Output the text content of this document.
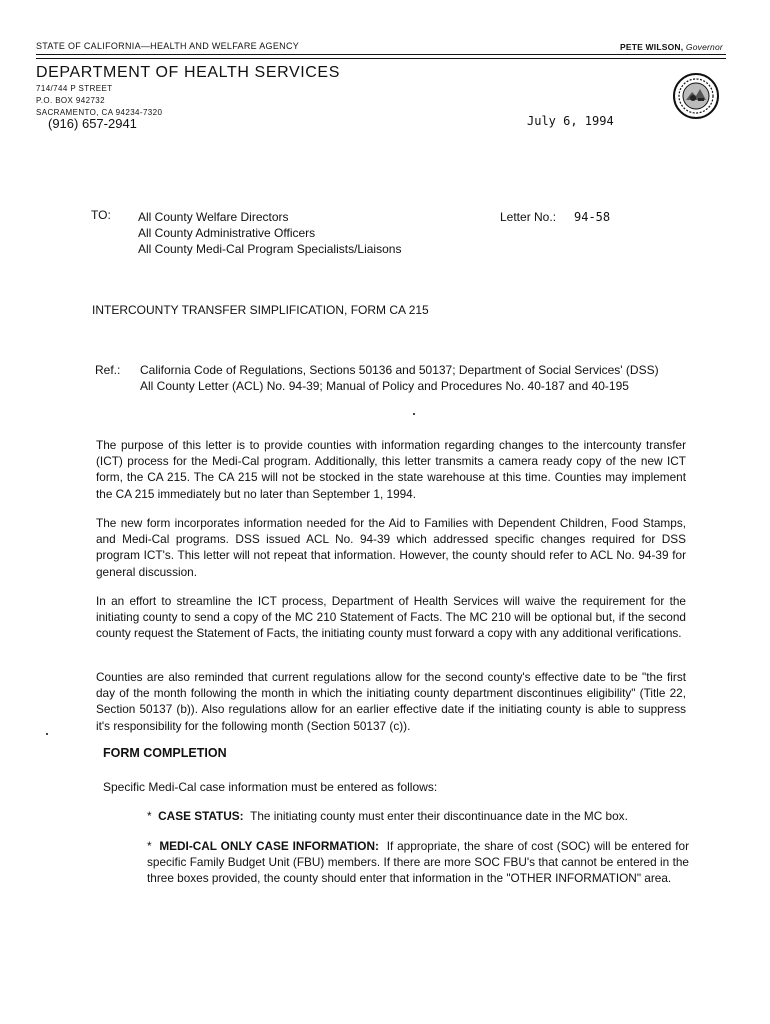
STATE OF CALIFORNIA—HEALTH AND WELFARE AGENCY	PETE WILSON, Governor
DEPARTMENT OF HEALTH SERVICES
714/744 P STREET
P.O. BOX 942732
SACRAMENTO, CA 94234-7320
(916) 657-2941	July 6, 1994
TO: All County Welfare Directors
All County Administrative Officers
All County Medi-Cal Program Specialists/Liaisons
Letter No.: 94-58
INTERCOUNTY TRANSFER SIMPLIFICATION, FORM CA 215
Ref.: California Code of Regulations, Sections 50136 and 50137; Department of Social Services' (DSS)
All County Letter (ACL) No. 94-39; Manual of Policy and Procedures No. 40-187 and 40-195

The purpose of this letter is to provide counties with information regarding changes to the intercounty transfer (ICT) process for the Medi-Cal program. Additionally, this letter transmits a camera ready copy of the new ICT form, the CA 215. The CA 215 will not be stocked in the state warehouse at this time. Counties may implement the CA 215 immediately but no later than September 1, 1994.

The new form incorporates information needed for the Aid to Families with Dependent Children, Food Stamps, and Medi-Cal programs. DSS issued ACL No. 94-39 which addressed specific changes required for DSS program ICT's. This letter will not repeat that information. However, the county should refer to ACL No. 94-39 for general discussion.

In an effort to streamline the ICT process, Department of Health Services will waive the requirement for the initiating county to send a copy of the MC 210 Statement of Facts. The MC 210 will be optional but, if the second county request the Statement of Facts, the initiating county must forward a copy with any additional verifications.

Counties are also reminded that current regulations allow for the second county's effective date to be "the first day of the month following the month in which the initiating county department discontinues eligibility" (Title 22, Section 50137 (b)). Also regulations allow for an earlier effective date if the initiating county is able to suppress it's responsibility for the following month (Section 50137 (c)).

FORM COMPLETION
Specific Medi-Cal case information must be entered as follows:

* CASE STATUS: The initiating county must enter their discontinuance date in the MC box.

* MEDI-CAL ONLY CASE INFORMATION: If appropriate, the share of cost (SOC) will be entered for specific Family Budget Unit (FBU) members. If there are more SOC FBU's that cannot be entered in the three boxes provided, the county should enter that information in the "OTHER INFORMATION" area.
